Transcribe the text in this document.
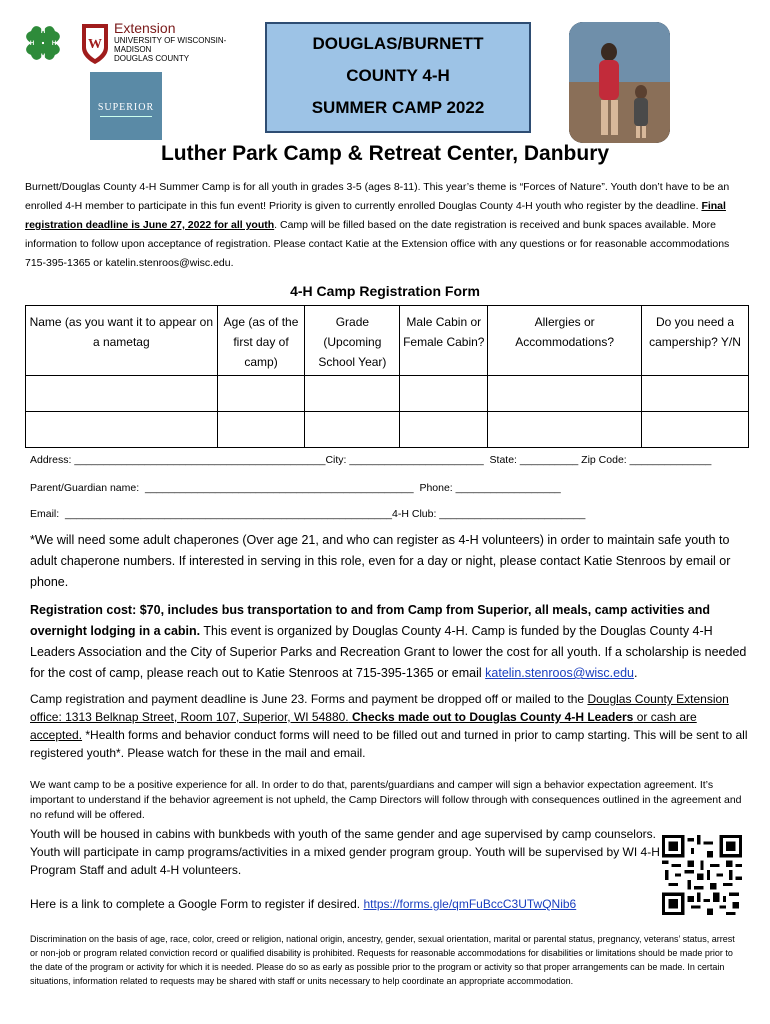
H
H
H
H	W
Extension
UNIVERSITY OF WISCONSIN-MADISON
DOUGLAS COUNTY
SUPERIOR
DOUGLAS/BURNETT
COUNTY 4-H
SUMMER CAMP 2022
Luther Park Camp & Retreat Center, Danbury
Burnett/Douglas County 4-H Summer Camp is for all youth in grades 3-5 (ages 8-11). This year’s theme is “Forces of Nature”. Youth don’t have to be an enrolled 4-H member to participate in this fun event! Priority is given to currently enrolled Douglas County 4-H youth who register by the deadline. Final registration deadline is June 27, 2022 for all youth. Camp will be filled based on the date registration is received and bunk spaces available. More information to follow upon acceptance of registration. Please contact Katie at the Extension office with any questions or for reasonable accommodations 715-395-1365 or katelin.stenroos@wisc.edu.
4-H Camp Registration Form
Name (as you want it to appear on a nametag	Age (as of the first day of camp)	Grade (Upcoming School Year)	Male Cabin or Female Cabin?	Allergies or Accommodations?	Do you need a campership? Y/N

Address: ___________________________________________City: _______________________  State: __________ Zip Code: ______________
Parent/Guardian name:  ______________________________________________  Phone: __________________
Email:  ________________________________________________________4-H Club: _________________________
*We will need some adult chaperones (Over age 21, and who can register as 4-H volunteers) in order to maintain safe youth to adult chaperone numbers. If interested in serving in this role, even for a day or night, please contact Katie Stenroos by email or phone.
Registration cost: $70, includes bus transportation to and from Camp from Superior, all meals, camp activities and overnight lodging in a cabin. This event is organized by Douglas County 4-H. Camp is funded by the Douglas County 4-H Leaders Association and the City of Superior Parks and Recreation Grant to lower the cost for all youth. If a scholarship is needed for the cost of camp, please reach out to Katie Stenroos at 715-395-1365 or email katelin.stenroos@wisc.edu.
Camp registration and payment deadline is June 23. Forms and payment be dropped off or mailed to the Douglas County Extension office: 1313 Belknap Street, Room 107, Superior, WI 54880. Checks made out to Douglas County 4-H Leaders or cash are accepted. *Health forms and behavior conduct forms will need to be filled out and turned in prior to camp starting. This will be sent to all registered youth*. Please watch for these in the mail and email.
We want camp to be a positive experience for all. In order to do that, parents/guardians and camper will sign a behavior expectation agreement. It’s important to understand if the behavior agreement is not upheld, the Camp Directors will follow through with consequences outlined in the agreement and no refund will be offered.
Youth will be housed in cabins with bunkbeds with youth of the same gender and age supervised by camp counselors. Youth will participate in camp programs/activities in a mixed gender program group. Youth will be supervised by WI 4-H Program Staff and adult 4-H volunteers.
Here is a link to complete a Google Form to register if desired. https://forms.gle/qmFuBccC3UTwQNib6
Discrimination on the basis of age, race, color, creed or religion, national origin, ancestry, gender, sexual orientation, marital or parental status, pregnancy, veterans’ status, arrest or non-job or program related conviction record or qualified disability is prohibited. Requests for reasonable accommodations for disabilities or limitations should be made prior to the date of the program or activity for which it is needed. Please do so as early as possible prior to the program or activity so that proper arrangements can be made. In certain situations, information related to requests may be shared with staff or units necessary to help coordinate an appropriate accommodation.
